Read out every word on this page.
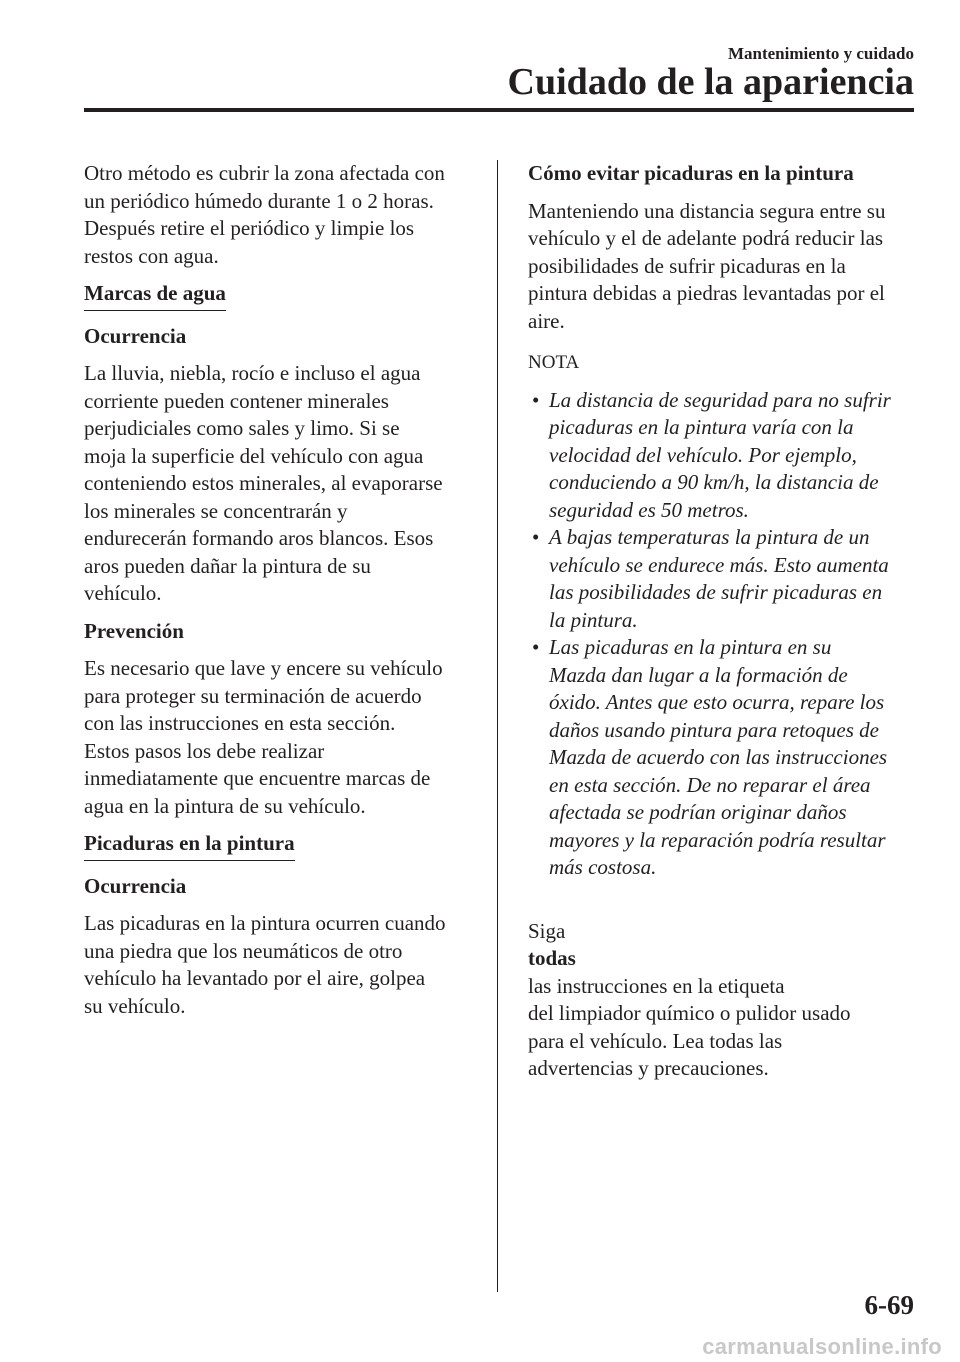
Mantenimiento y cuidado
Cuidado de la apariencia

Otro método es cubrir la zona afectada con
un periódico húmedo durante 1 o 2 horas.
Después retire el periódico y limpie los
restos con agua.

Marcas de agua
Ocurrencia

La lluvia, niebla, rocío e incluso el agua
corriente pueden contener minerales
perjudiciales como sales y limo. Si se
moja la superficie del vehículo con agua
conteniendo estos minerales, al evaporarse
los minerales se concentrarán y
endurecerán formando aros blancos. Esos
aros pueden dañar la pintura de su
vehículo.

Prevención

Es necesario que lave y encere su vehículo
para proteger su terminación de acuerdo
con las instrucciones en esta sección.
Estos pasos los debe realizar
inmediatamente que encuentre marcas de
agua en la pintura de su vehículo.

Picaduras en la pintura
Ocurrencia

Las picaduras en la pintura ocurren cuando
una piedra que los neumáticos de otro
vehículo ha levantado por el aire, golpea
su vehículo.

Cómo evitar picaduras en la pintura

Manteniendo una distancia segura entre su
vehículo y el de adelante podrá reducir las
posibilidades de sufrir picaduras en la
pintura debidas a piedras levantadas por el
aire.

NOTA
• La distancia de seguridad para no sufrir
picaduras en la pintura varía con la
velocidad del vehículo. Por ejemplo,
conduciendo a 90 km/h, la distancia de
seguridad es 50 metros.
• A bajas temperaturas la pintura de un
vehículo se endurece más. Esto aumenta
las posibilidades de sufrir picaduras en
la pintura.
• Las picaduras en la pintura en su
Mazda dan lugar a la formación de
óxido. Antes que esto ocurra, repare los
daños usando pintura para retoques de
Mazda de acuerdo con las instrucciones
en esta sección. De no reparar el área
afectada se podrían originar daños
mayores y la reparación podría resultar
más costosa.

Siga
todas
las instrucciones en la etiqueta
del limpiador químico o pulidor usado
para el vehículo. Lea todas las
advertencias y precauciones.

6-69
carmanualsonline.info
